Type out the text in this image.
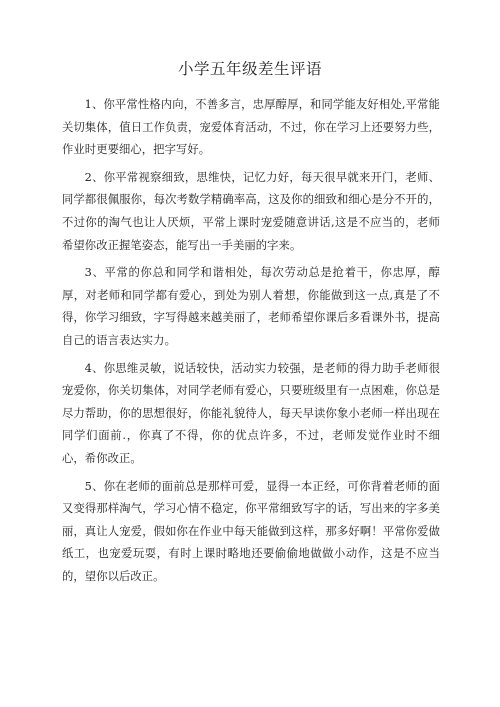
小学五年级差生评语

1、你平常性格内向，不善多言，忠厚醇厚，和同学能友好相处,平常能关切集体，值日工作负责，宠爱体育活动，不过，你在学习上还要努力些，作业时更要细心，把字写好。

2、你平常视察细致，思维快，记忆力好，每天很早就来开门，老师、同学都很佩服你，每次考数学精确率高，这及你的细致和细心是分不开的，不过你的淘气也让人厌烦，平常上课时宠爱随意讲话,这是不应当的，老师希望你改正握笔姿态，能写出一手美丽的字来。

3、平常的你总和同学和谐相处，每次劳动总是抢着干，你忠厚，醇厚，对老师和同学都有爱心，到处为别人着想，你能做到这一点,真是了不得，你学习细致，字写得越来越美丽了，老师希望你课后多看课外书，提高自己的语言表达实力。

4、你思维灵敏，说话较快，活动实力较强，是老师的得力助手老师很宠爱你，你关切集体，对同学老师有爱心，只要班级里有一点困难，你总是尽力帮助，你的思想很好，你能礼貌待人，每天早读你象小老师一样出现在同学们面前.，你真了不得，你的优点许多，不过，老师发觉作业时不细心，希你改正。

5、你在老师的面前总是那样可爱，显得一本正经，可你背着老师的面又变得那样淘气，学习心情不稳定，你平常细致写字的话，写出来的字多美丽，真让人宠爱，假如你在作业中每天能做到这样，那多好啊！平常你爱做纸工，也宠爱玩耍，有时上课时略地还要偷偷地做做小动作，这是不应当的，望你以后改正。
